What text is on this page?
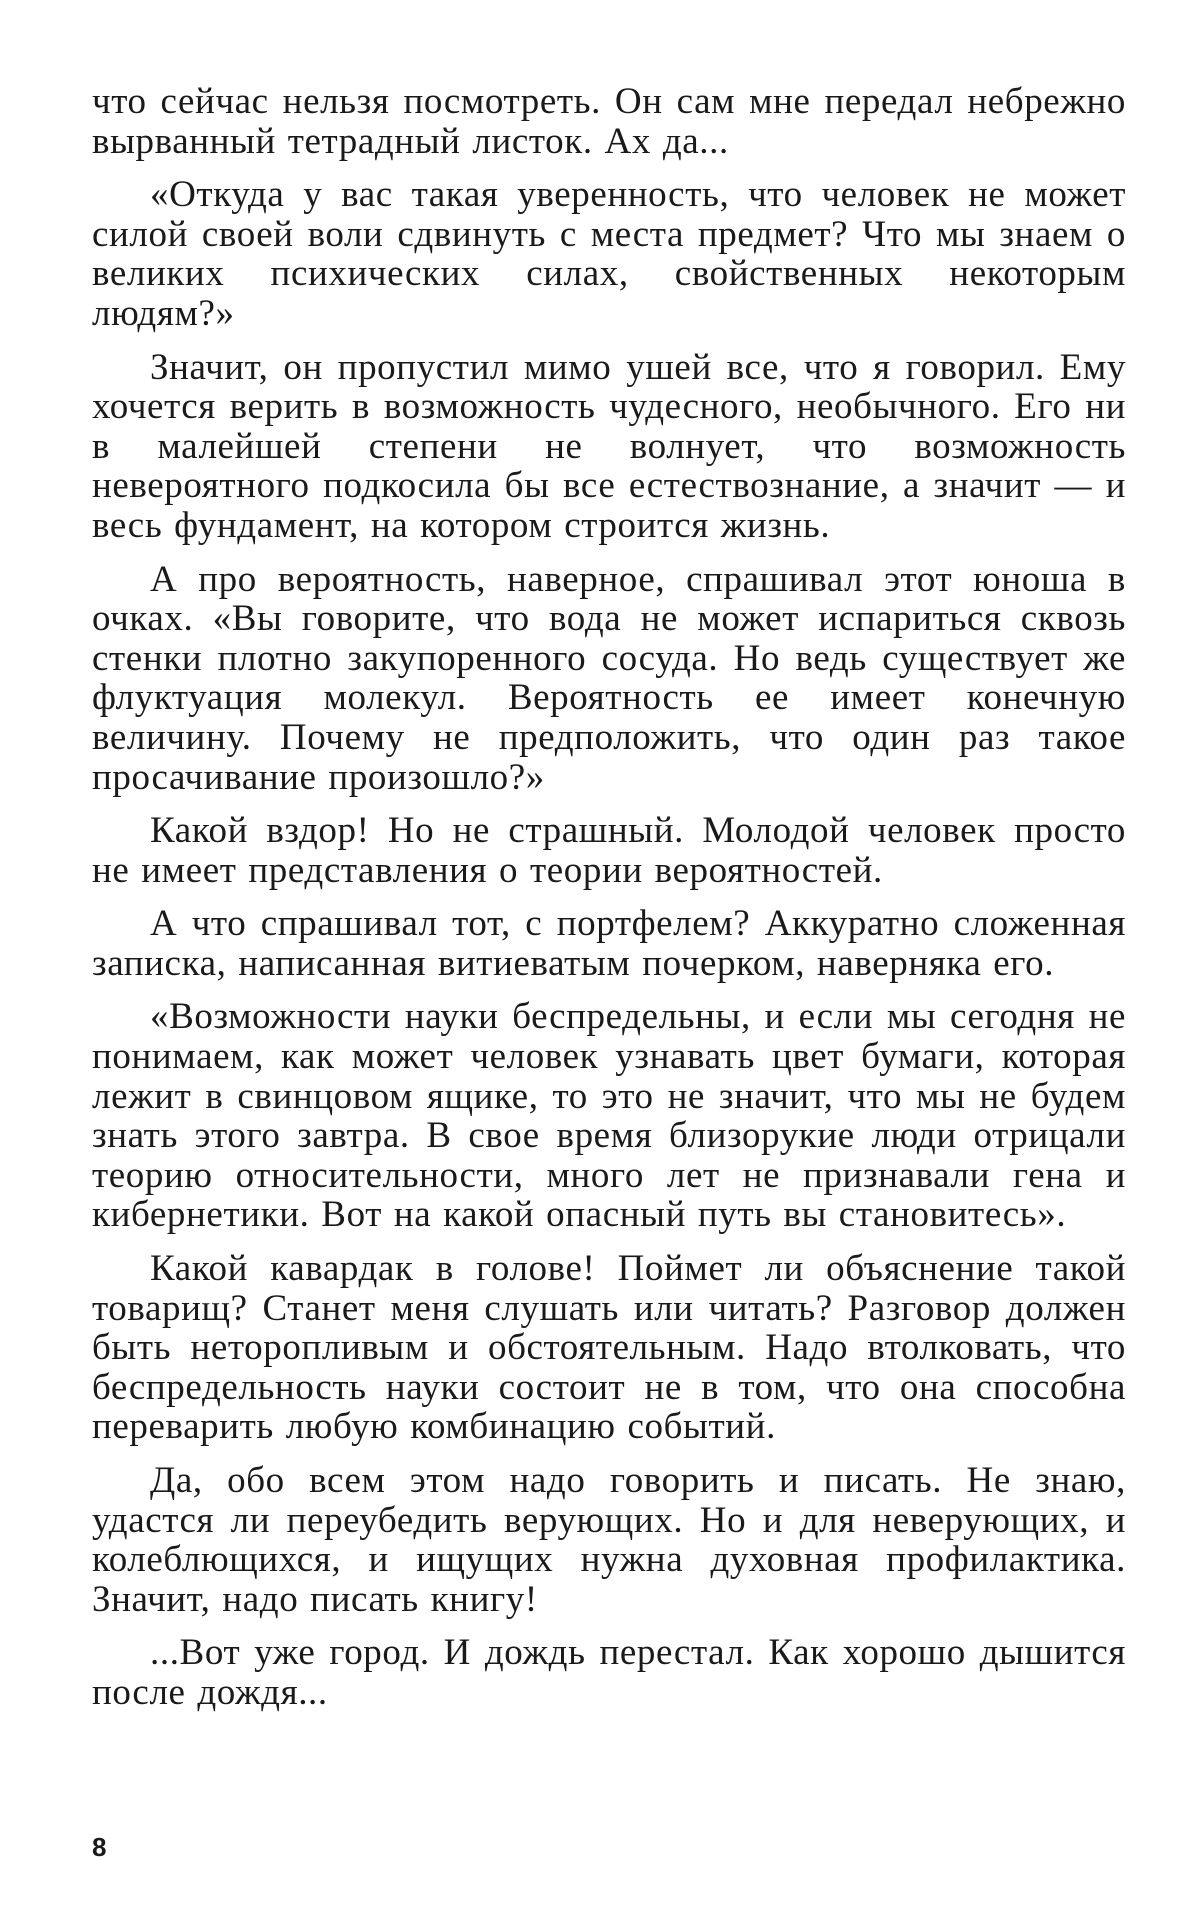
что сейчас нельзя посмотреть. Он сам мне передал небрежно вырванный тетрадный листок. Ах да...

«Откуда у вас такая уверенность, что человек не может силой своей воли сдвинуть с места предмет? Что мы знаем о великих психических силах, свойственных некоторым людям?»

Значит, он пропустил мимо ушей все, что я говорил. Ему хочется верить в возможность чудесного, необычного. Его ни в малейшей степени не волнует, что возможность невероятного подкосила бы все естествознание, а значит — и весь фундамент, на котором строится жизнь.

А про вероятность, наверное, спрашивал этот юноша в очках. «Вы говорите, что вода не может испариться сквозь стенки плотно закупоренного сосуда. Но ведь существует же флуктуация молекул. Вероятность ее имеет конечную величину. Почему не предположить, что один раз такое просачивание произошло?»

Какой вздор! Но не страшный. Молодой человек просто не имеет представления о теории вероятностей.

А что спрашивал тот, с портфелем? Аккуратно сложенная записка, написанная витиеватым почерком, наверняка его.

«Возможности науки беспредельны, и если мы сегодня не понимаем, как может человек узнавать цвет бумаги, которая лежит в свинцовом ящике, то это не значит, что мы не будем знать этого завтра. В свое время близорукие люди отрицали теорию относительности, много лет не признавали гена и кибернетики. Вот на какой опасный путь вы становитесь».

Какой кавардак в голове! Поймет ли объяснение такой товарищ? Станет меня слушать или читать? Разговор должен быть неторопливым и обстоятельным. Надо втолковать, что беспредельность науки состоит не в том, что она способна переварить любую комбинацию событий.

Да, обо всем этом надо говорить и писать. Не знаю, удастся ли переубедить верующих. Но и для неверующих, и колеблющихся, и ищущих нужна духовная профилактика. Значит, надо писать книгу!

...Вот уже город. И дождь перестал. Как хорошо дышится после дождя...

8
